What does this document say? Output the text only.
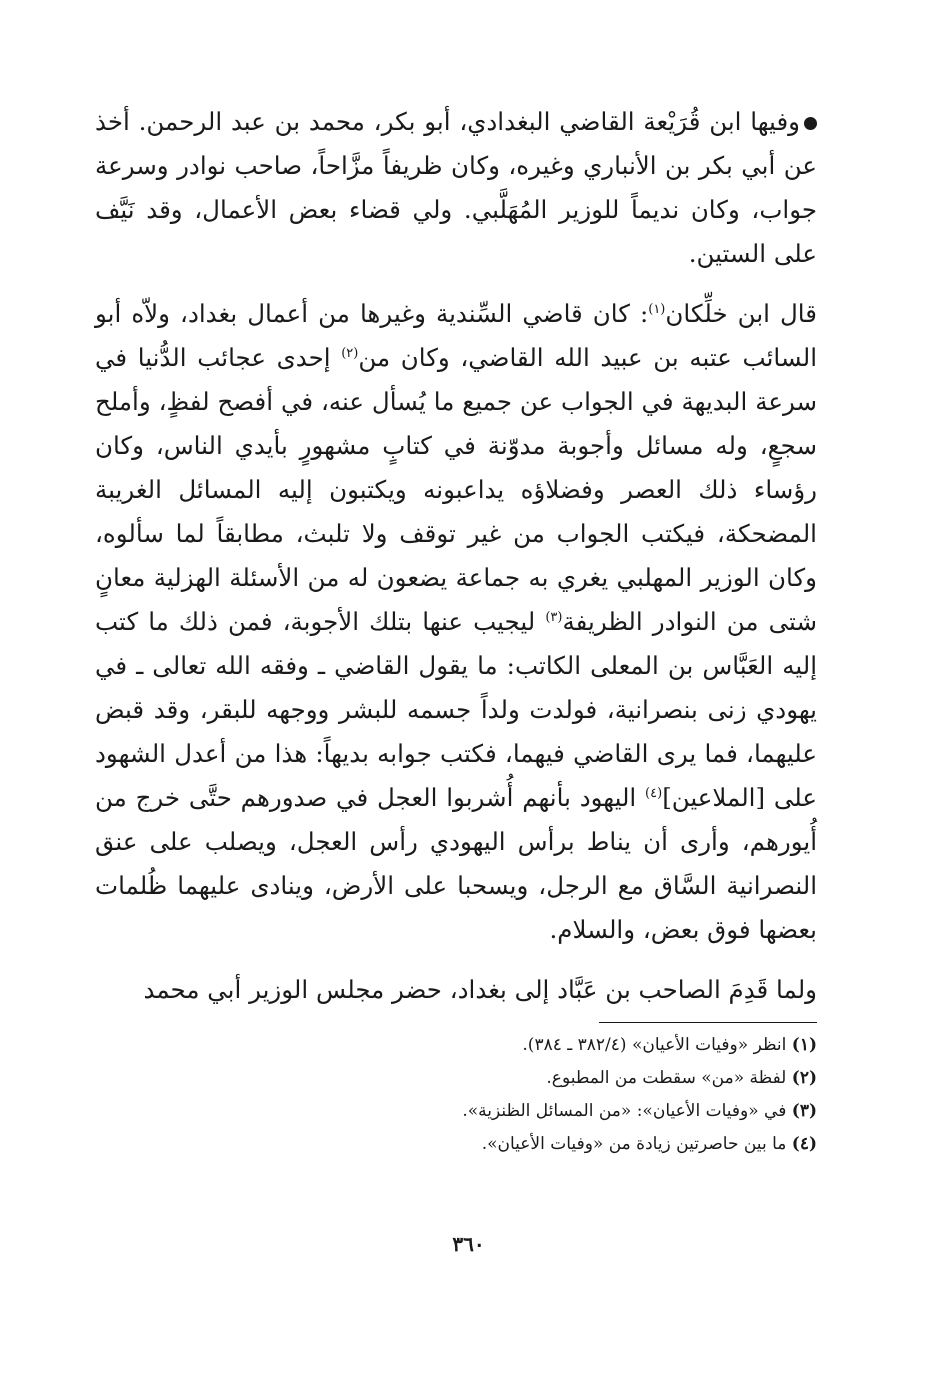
وفيها ابن قُرَيْعة القاضي البغدادي، أبو بكر، محمد بن عبد الرحمن. أخذ عن أبي بكر بن الأنباري وغيره، وكان ظريفاً مزَّاحاً، صاحب نوادر وسرعة جواب، وكان نديماً للوزير المُهَلَّبي. ولي قضاء بعض الأعمال، وقد نَيَّف على الستين.

قال ابن خلِّكان$^{(١)}$: كان قاضي السِّندية وغيرها من أعمال بغداد، ولاّه أبو السائب عتبه بن عبيد الله القاضي، وكان من$^{(٢)}$ إحدى عجائب الدُّنيا في سرعة البديهة في الجواب عن جميع ما يُسأل عنه، في أفصح لفظٍ، وأملح سجعٍ، وله مسائل وأجوبة مدوّنة في كتابٍ مشهورٍ بأيدي الناس، وكان رؤساء ذلك العصر وفضلاؤه يداعبونه ويكتبون إليه المسائل الغريبة المضحكة، فيكتب الجواب من غير توقف ولا تلبث، مطابقاً لما سألوه، وكان الوزير المهلبي يغري به جماعة يضعون له من الأسئلة الهزلية معانٍ شتى من النوادر الظريفة$^{(٣)}$ ليجيب عنها بتلك الأجوبة، فمن ذلك ما كتب إليه العَبَّاس بن المعلى الكاتب: ما يقول القاضي ـ وفقه الله تعالى ـ في يهودي زنى بنصرانية، فولدت ولداً جسمه للبشر ووجهه للبقر، وقد قبض عليهما، فما يرى القاضي فيهما، فكتب جوابه بديهاً: هذا من أعدل الشهود على [الملاعين]$^{(٤)}$ اليهود بأنهم أُشربوا العجل في صدورهم حتَّى خرج من أُيورهم، وأرى أن يناط برأس اليهودي رأس العجل، ويصلب على عنق النصرانية السَّاق مع الرجل، ويسحبا على الأرض، وينادى عليهما ظُلمات بعضها فوق بعض، والسلام.

ولما قَدِمَ الصاحب بن عَبَّاد إلى بغداد، حضر مجلس الوزير أبي محمد

(١) انظر «وفيات الأعيان» (٣٨٢/٤ ـ ٣٨٤).

(٢) لفظة «من» سقطت من المطبوع.

(٣) في «وفيات الأعيان»: «من المسائل الظنزية».

(٤) ما بين حاصرتين زيادة من «وفيات الأعيان».

٣٦٠
